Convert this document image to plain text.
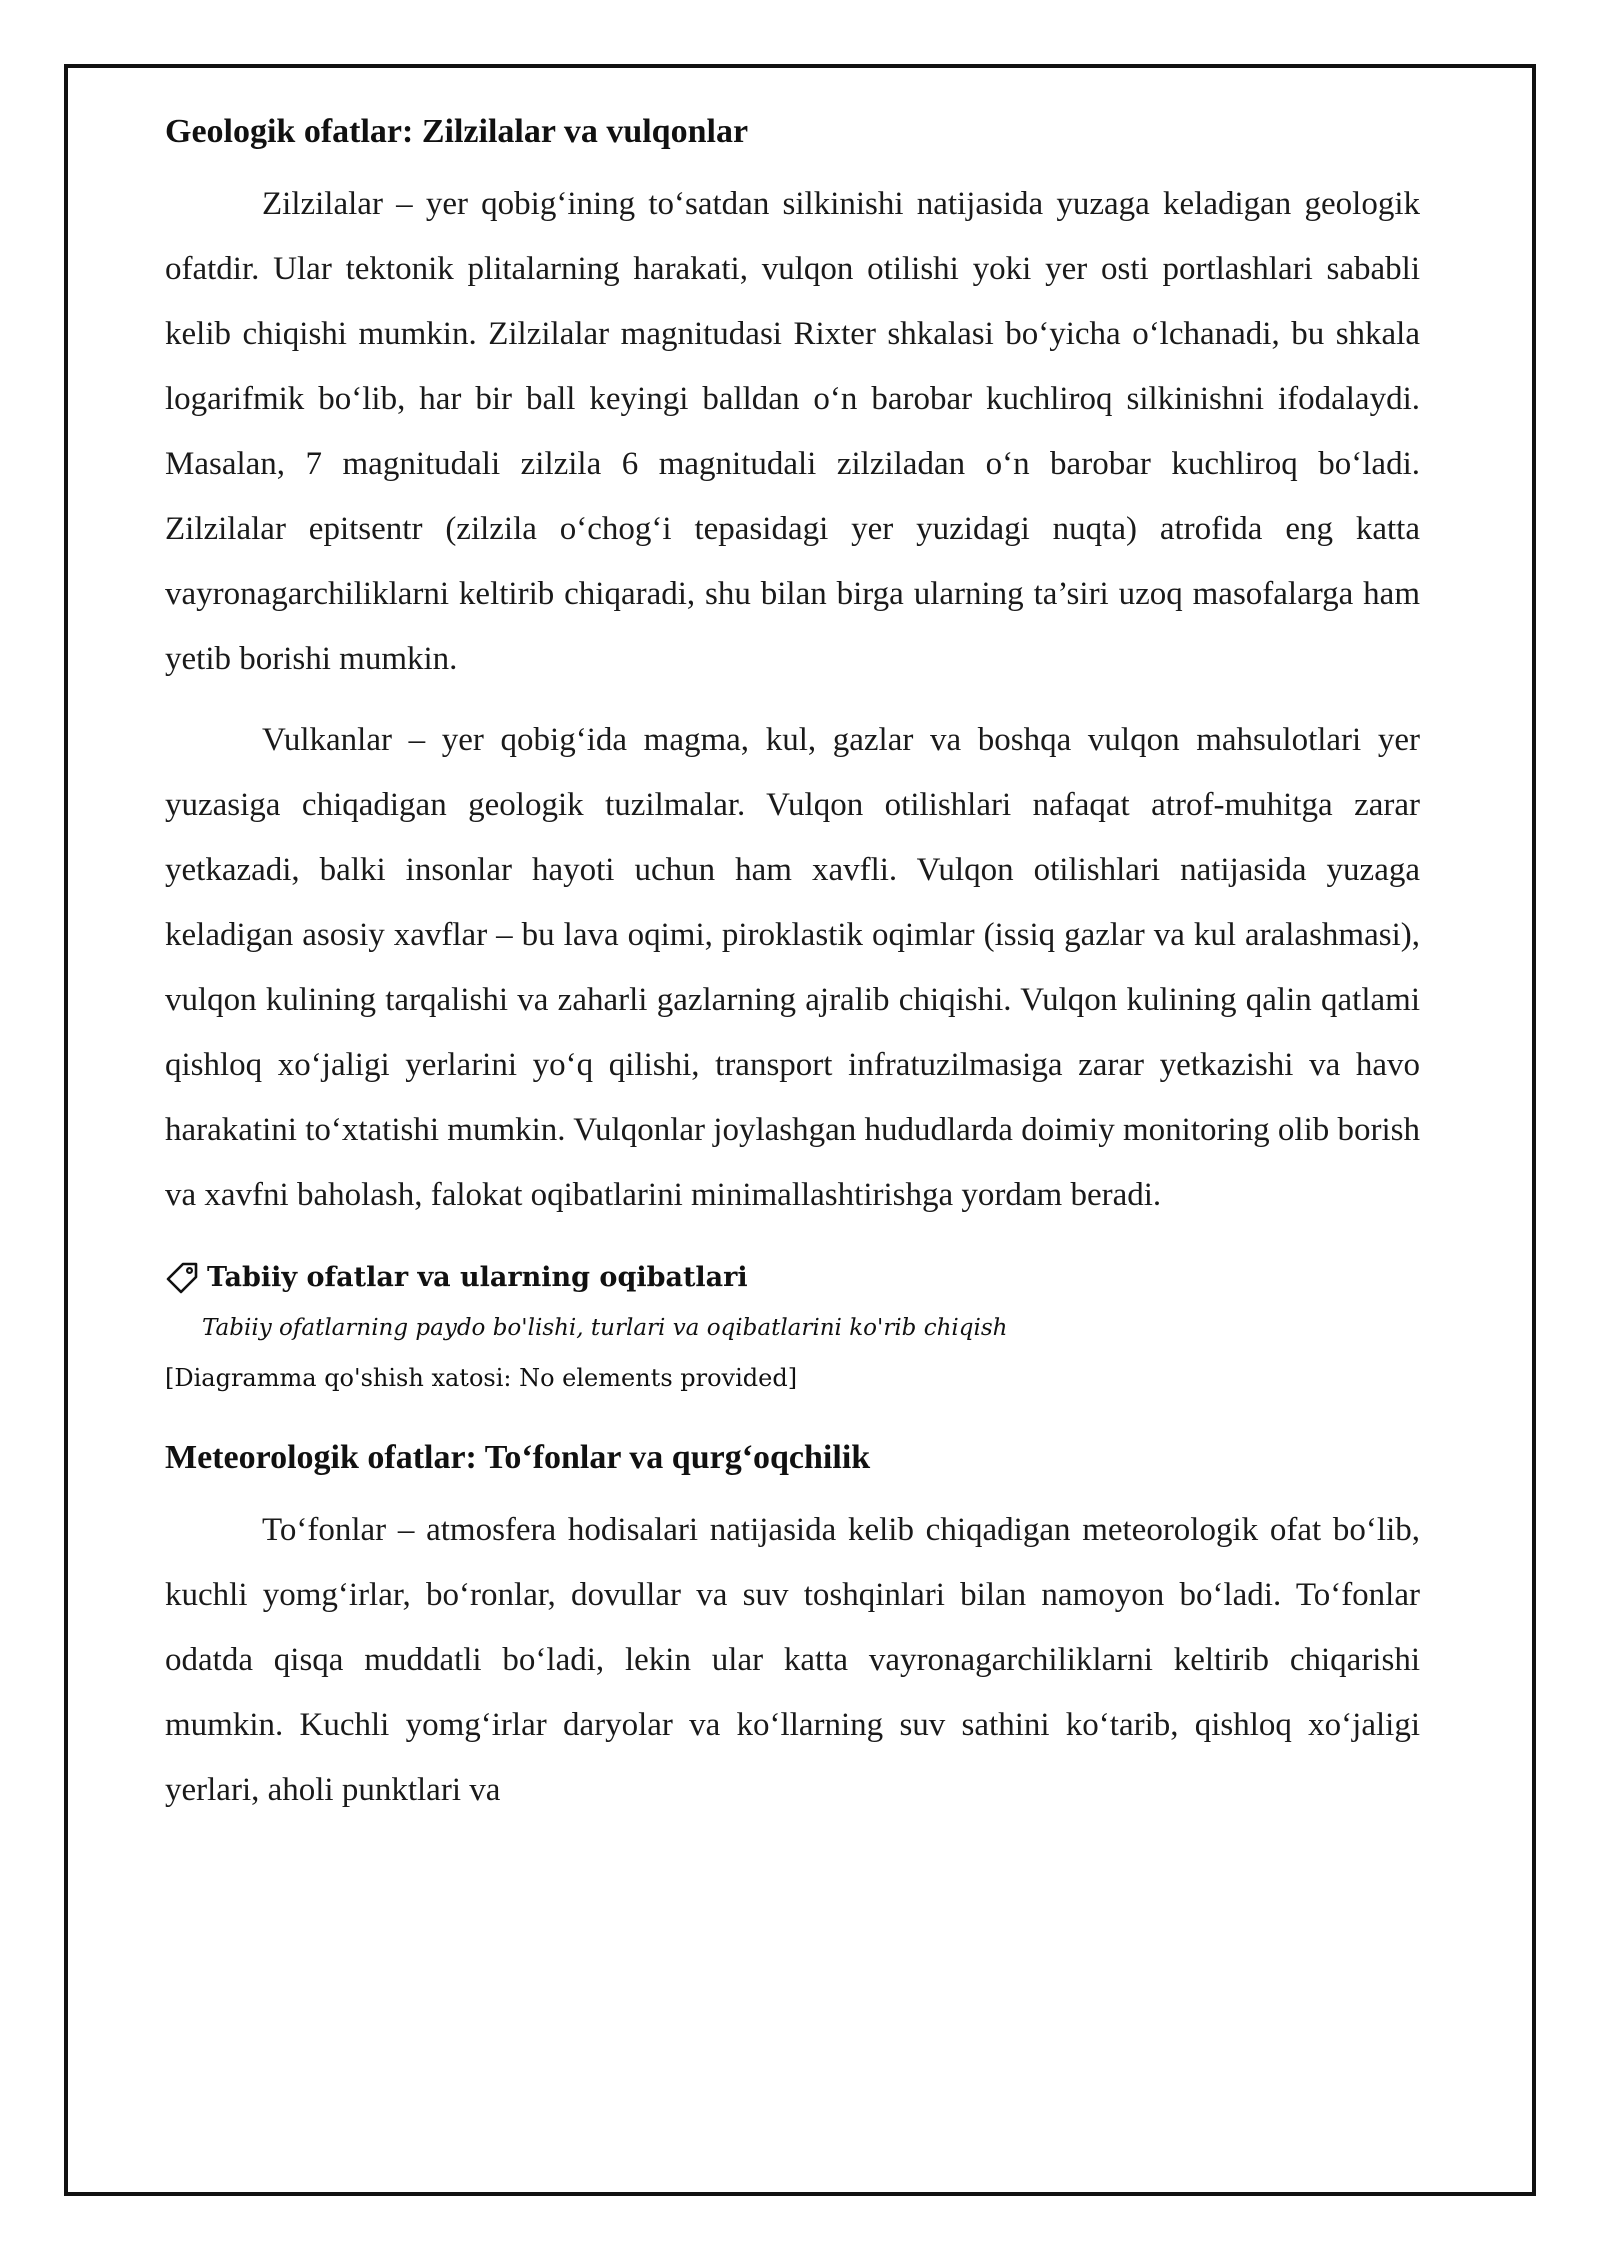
Geologik ofatlar: Zilzilalar va vulqonlar

Zilzilalar – yer qobig‘ining to‘satdan silkinishi natijasida yuzaga keladigan geologik ofatdir. Ular tektonik plitalarning harakati, vulqon otilishi yoki yer osti portlashlari sababli kelib chiqishi mumkin. Zilzilalar magnitudasi Rixter shkalasi bo‘yicha o‘lchanadi, bu shkala logarifmik bo‘lib, har bir ball keyingi balldan o‘n barobar kuchliroq silkinishni ifodalaydi. Masalan, 7 magnitudali zilzila 6 magnitudali zilziladan o‘n barobar kuchliroq bo‘ladi. Zilzilalar epitsentr (zilzila o‘chog‘i tepasidagi yer yuzidagi nuqta) atrofida eng katta vayronagarchiliklarni keltirib chiqaradi, shu bilan birga ularning ta’siri uzoq masofalarga ham yetib borishi mumkin.

Vulkanlar – yer qobig‘ida magma, kul, gazlar va boshqa vulqon mahsulotlari yer yuzasiga chiqadigan geologik tuzilmalar. Vulqon otilishlari nafaqat atrof-muhitga zarar yetkazadi, balki insonlar hayoti uchun ham xavfli. Vulqon otilishlari natijasida yuzaga keladigan asosiy xavflar – bu lava oqimi, piroklastik oqimlar (issiq gazlar va kul aralashmasi), vulqon kulining tarqalishi va zaharli gazlarning ajralib chiqishi. Vulqon kulining qalin qatlami qishloq xo‘jaligi yerlarini yo‘q qilishi, transport infratuzilmasiga zarar yetkazishi va havo harakatini to‘xtatishi mumkin. Vulqonlar joylashgan hududlarda doimiy monitoring olib borish va xavfni baholash, falokat oqibatlarini minimallashtirishga yordam beradi.

Tabiiy ofatlar va ularning oqibatlari
Tabiiy ofatlarning paydo bo'lishi, turlari va oqibatlarini ko'rib chiqish
[Diagramma qo'shish xatosi: No elements provided]
Meteorologik ofatlar: To‘fonlar va qurg‘oqchilik

To‘fonlar – atmosfera hodisalari natijasida kelib chiqadigan meteorologik ofat bo‘lib, kuchli yomg‘irlar, bo‘ronlar, dovullar va suv toshqinlari bilan namoyon bo‘ladi. To‘fonlar odatda qisqa muddatli bo‘ladi, lekin ular katta vayronagarchiliklarni keltirib chiqarishi mumkin. Kuchli yomg‘irlar daryolar va ko‘llarning suv sathini ko‘tarib, qishloq xo‘jaligi yerlari, aholi punktlari va
